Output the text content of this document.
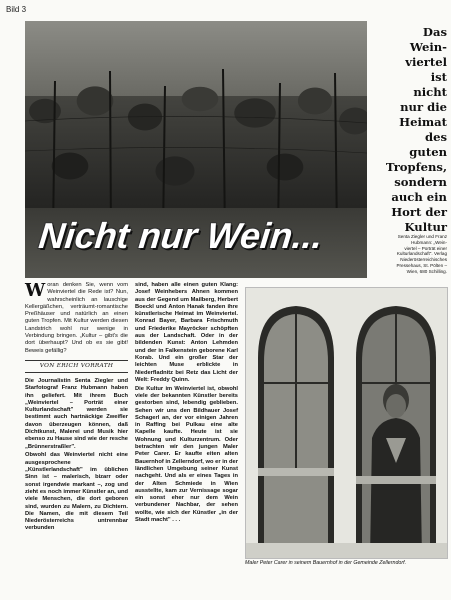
Bild 3
Nicht nur Wein...
Das
Wein-
viertel
ist
nicht
nur die
Heimat
des
guten
Tropfens,
sondern
auch ein
Hort der
Kultur

Senta Ziegler und Franz
Hubmann: „Wein-
viertel – Porträt einer
Kulturlandschaft". Verlag
Niederösterreichisches
Pressehaus, St. Pölten –
Wien, 680 Schilling.

Woran denken Sie, wenn vom Weinviertel die Rede ist? Nun, wahrscheinlich an lauschige Kellergäßchen, verträumt-romantische Preßhäuser und natürlich an einen guten Tropfen. Mit Kultur werden diesen Landstrich wohl nur wenige in Verbindung bringen. „Kultur – gibt's die dort überhaupt? Und ob es sie gibt! Beweis gefällig?

VON ERICH VORRATH

Die Journalistin Senta Ziegler und Starfotograf Franz Hubmann haben ihn geliefert. Mit ihrem Buch „Weinviertel – Porträt einer Kulturlandschaft" werden sie bestimmt auch hartnäckige Zweifler davon überzeugen können, daß Dichtkunst, Malerei und Musik hier ebenso zu Hause sind wie der resche „Brünnerstraßler".

Obwohl das Weinviertel nicht eine ausgesprochene „Künstlerlandschaft" im üblichen Sinn ist – malerisch, bizarr oder sonst irgendwie markant –, zog und zieht es noch immer Künstler an, und viele Menschen, die dort geboren sind, wurden zu Malern, zu Dichtern. Die Namen, die mit diesem Teil Niederösterreichs untrennbar verbunden

sind, haben alle einen guten Klang: Josef Weinhebers Ahnen kommen aus der Gegend um Mailberg, Herbert Boeckl und Anton Hanak fanden ihre künstlerische Heimat im Weinviertel. Konrad Bayer, Barbara Frischmuth und Friederike Mayröcker schöpften aus der Landschaft. Oder in der bildenden Kunst: Anton Lehmden und der in Falkenstein geborene Karl Korab. Und ein großer Star der leichten Muse erblickte in Niederfladnitz bei Retz das Licht der Welt: Freddy Quinn.

Die Kultur im Weinviertel ist, obwohl viele der bekannten Künstler bereits gestorben sind, lebendig geblieben. Sehen wir uns den Bildhauer Josef Schagerl an, der vor einigen Jahren in Raffing bei Pulkau eine alte Kapelle kaufte. Heute ist sie Wohnung und Kulturzentrum. Oder betrachten wir den jungen Maler Peter Carer. Er kaufte eiten alten Bauernhof in Zellerndorf, wo er in der ländlichen Umgebung seiner Kunst nachgeht. Und als er eines Tages in der Alten Schmiede in Wien ausstellte, kam zur Vernissage sogar ein sonst eher nur dem Wein verbundener Nachbar, der sehen wollte, wie sich der Künstler „in der Stadt macht" . . .

Maler Peter Carer in seinem Bauernhof in der Gemeinde Zellerndorf.
